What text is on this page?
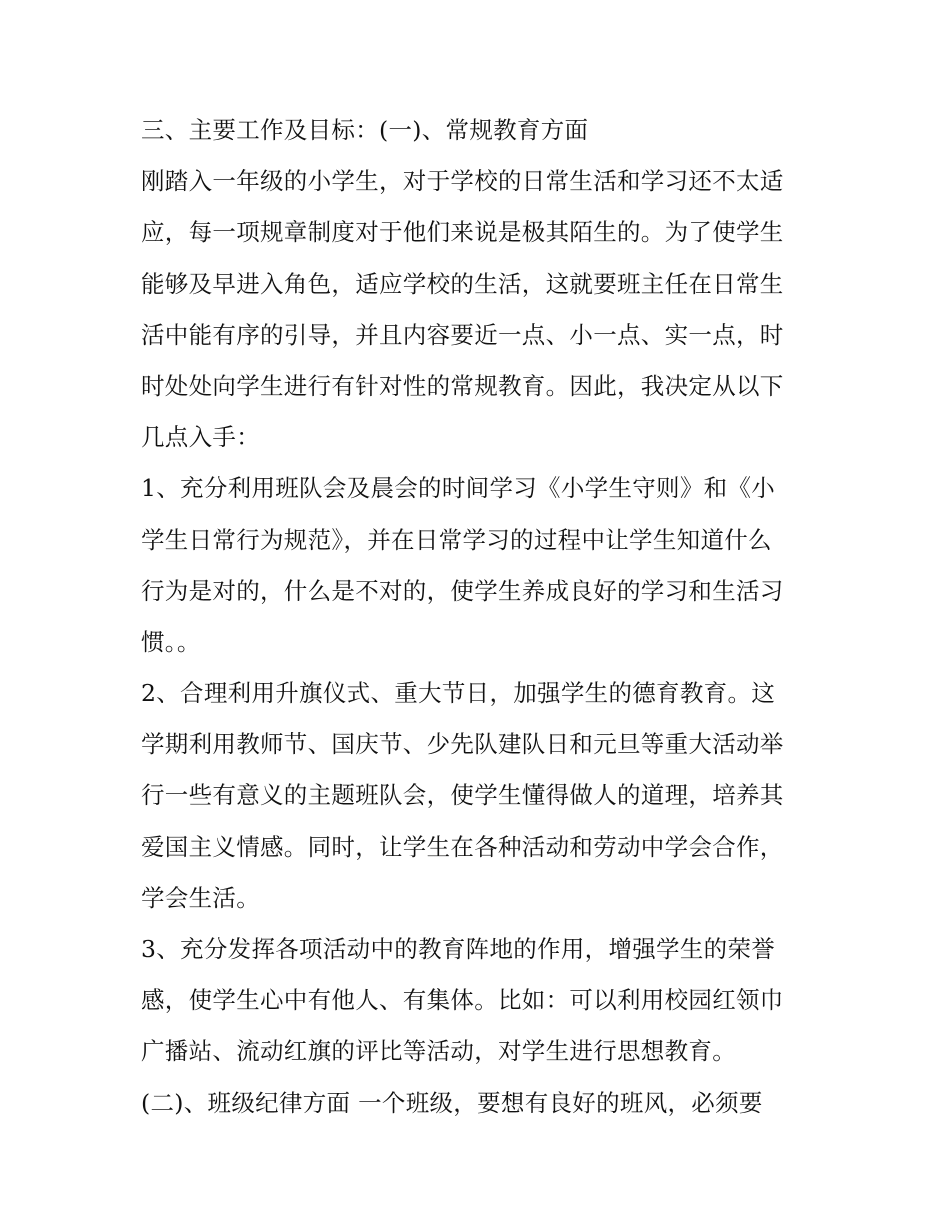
三、主要工作及目标：(一)、常规教育方面
刚踏入一年级的小学生，对于学校的日常生活和学习还不太适
应，每一项规章制度对于他们来说是极其陌生的。为了使学生
能够及早进入角色，适应学校的生活，这就要班主任在日常生
活中能有序的引导，并且内容要近一点、小一点、实一点，时
时处处向学生进行有针对性的常规教育。因此，我决定从以下
几点入手：
1、充分利用班队会及晨会的时间学习《小学生守则》和《小
学生日常行为规范》，并在日常学习的过程中让学生知道什么
行为是对的，什么是不对的，使学生养成良好的学习和生活习
惯。。
2、合理利用升旗仪式、重大节日，加强学生的德育教育。这
学期利用教师节、国庆节、少先队建队日和元旦等重大活动举
行一些有意义的主题班队会，使学生懂得做人的道理，培养其
爱国主义情感。同时，让学生在各种活动和劳动中学会合作，
学会生活。
3、充分发挥各项活动中的教育阵地的作用，增强学生的荣誉
感，使学生心中有他人、有集体。比如：可以利用校园红领巾
广播站、流动红旗的评比等活动，对学生进行思想教育。
(二)、班级纪律方面 一个班级，要想有良好的班风，必须要
